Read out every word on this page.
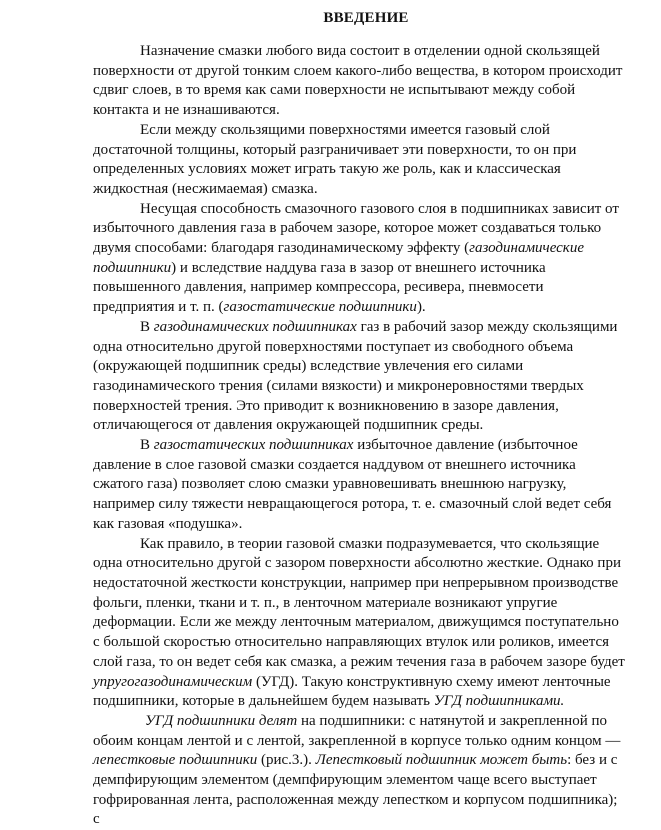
ВВЕДЕНИЕ

Назначение смазки любого вида состоит в отделении одной скользящей поверхности от другой тонким слоем какого-либо вещества, в котором происходит сдвиг слоев, в то время как сами поверхности не испытывают между собой контакта и не изнашиваются.

Если между скользящими поверхностями имеется газовый слой достаточной толщины, который разграничивает эти поверхности, то он при определенных условиях может играть такую же роль, как и классическая жидкостная (несжимаемая) смазка.

Несущая способность смазочного газового слоя в подшипниках зависит от избыточного давления газа в рабочем зазоре, которое может создаваться только двумя способами: благодаря газодинамическому эффекту (газодинамические подшипники) и вследствие наддува газа в зазор от внешнего источника повышенного давления, например компрессора, ресивера, пневмосети предприятия и т. п. (газостатические подшипники).

В газодинамических подшипниках газ в рабочий зазор между скользящими одна относительно другой поверхностями поступает из свободного объема (окружающей подшипник среды) вследствие увлечения его силами газодинамического трения (силами вязкости) и микронеровностями твердых поверхностей трения. Это приводит к возникновению в зазоре давления, отличающегося от давления окружающей подшипник среды.

В газостатических подшипниках избыточное давление (избыточное давление в слое газовой смазки создается наддувом от внешнего источника сжатого газа) позволяет слою смазки уравновешивать внешнюю нагрузку, например силу тяжести невращающегося ротора, т. е. смазочный слой ведет себя как газовая «подушка».

Как правило, в теории газовой смазки подразумевается, что скользящие одна относительно другой с зазором поверхности абсолютно жесткие. Однако при недостаточной жесткости конструкции, например при непрерывном производстве фольги, пленки, ткани и т. п., в ленточном материале возникают упругие деформации. Если же между ленточным материалом, движущимся поступательно с большой скоростью относительно направляющих втулок или роликов, имеется слой газа, то он ведет себя как смазка, а режим течения газа в рабочем зазоре будет упругогазодинамическим (УГД). Такую конструктивную схему имеют ленточные подшипники, которые в дальнейшем будем называть УГД подшипниками.

УГД подшипники делят на подшипники: с натянутой и закрепленной по обоим концам лентой и с лентой, закрепленной в корпусе только одним концом — лепестковые подшипники (рис.3.). Лепестковый подшипник может быть: без и с демпфирующим элементом (демпфирующим элементом чаще всего выступает гофрированная лента, расположенная между лепестком и корпусом подшипника); с
